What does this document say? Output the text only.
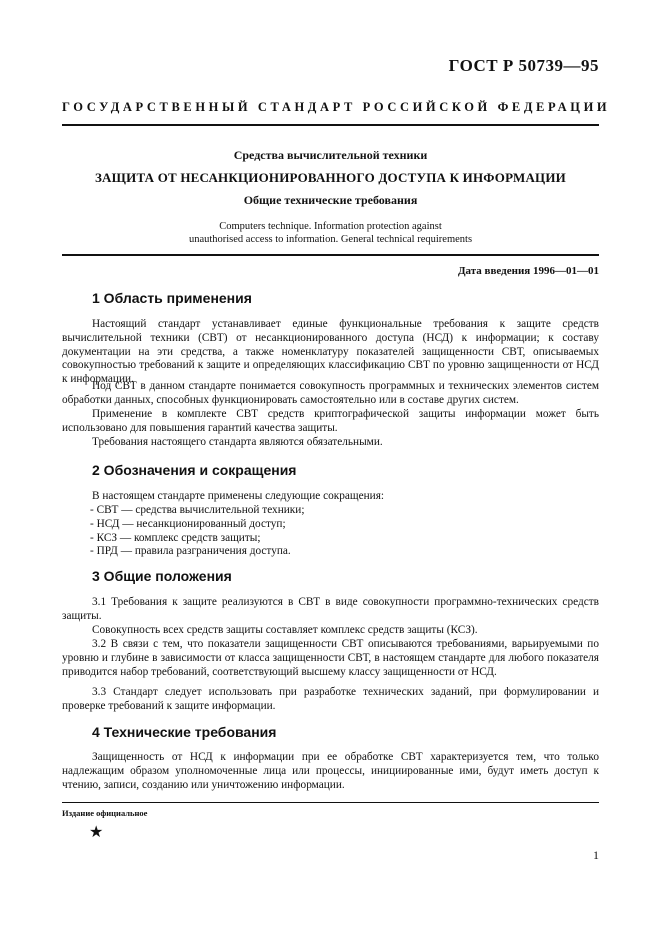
ГОСТ Р 50739—95
ГОСУДАРСТВЕННЫЙ СТАНДАРТ РОССИЙСКОЙ ФЕДЕРАЦИИ
Средства вычислительной техники
ЗАЩИТА ОТ НЕСАНКЦИОНИРОВАННОГО ДОСТУПА К ИНФОРМАЦИИ
Общие технические требования
Computers technique. Information protection against
unauthorised access to information. General technical requirements
Дата введения 1996—01—01
1 Область применения

Настоящий стандарт устанавливает единые функциональные требования к защите средств вычислительной техники (СВТ) от несанкционированного доступа (НСД) к информации; к составу документации на эти средства, а также номенклатуру показателей защищенности СВТ, описываемых совокупностью требований к защите и определяющих классификацию СВТ по уровню защищенности от НСД к информации.

Под СВТ в данном стандарте понимается совокупность программных и технических элементов систем обработки данных, способных функционировать самостоятельно или в составе других систем.

Применение в комплекте СВТ средств криптографической защиты информации может быть использовано для повышения гарантий качества защиты.

Требования настоящего стандарта являются обязательными.

2 Обозначения и сокращения

В настоящем стандарте применены следующие сокращения:

- СВТ — средства вычислительной техники;
- НСД — несанкционированный доступ;
- КСЗ — комплекс средств защиты;
- ПРД — правила разграничения доступа.
3 Общие положения

3.1 Требования к защите реализуются в СВТ в виде совокупности программно-технических средств защиты.

Совокупность всех средств защиты составляет комплекс средств защиты (КСЗ).

3.2 В связи с тем, что показатели защищенности СВТ описываются требованиями, варьируемыми по уровню и глубине в зависимости от класса защищенности СВТ, в настоящем стандарте для любого показателя приводится набор требований, соответствующий высшему классу защищенности от НСД.

3.3 Стандарт следует использовать при разработке технических заданий, при формулировании и проверке требований к защите информации.

4 Технические требования

Защищенность от НСД к информации при ее обработке СВТ характеризуется тем, что только надлежащим образом уполномоченные лица или процессы, инициированные ими, будут иметь доступ к чтению, записи, созданию или уничтожению информации.

Издание официальное
★
1
